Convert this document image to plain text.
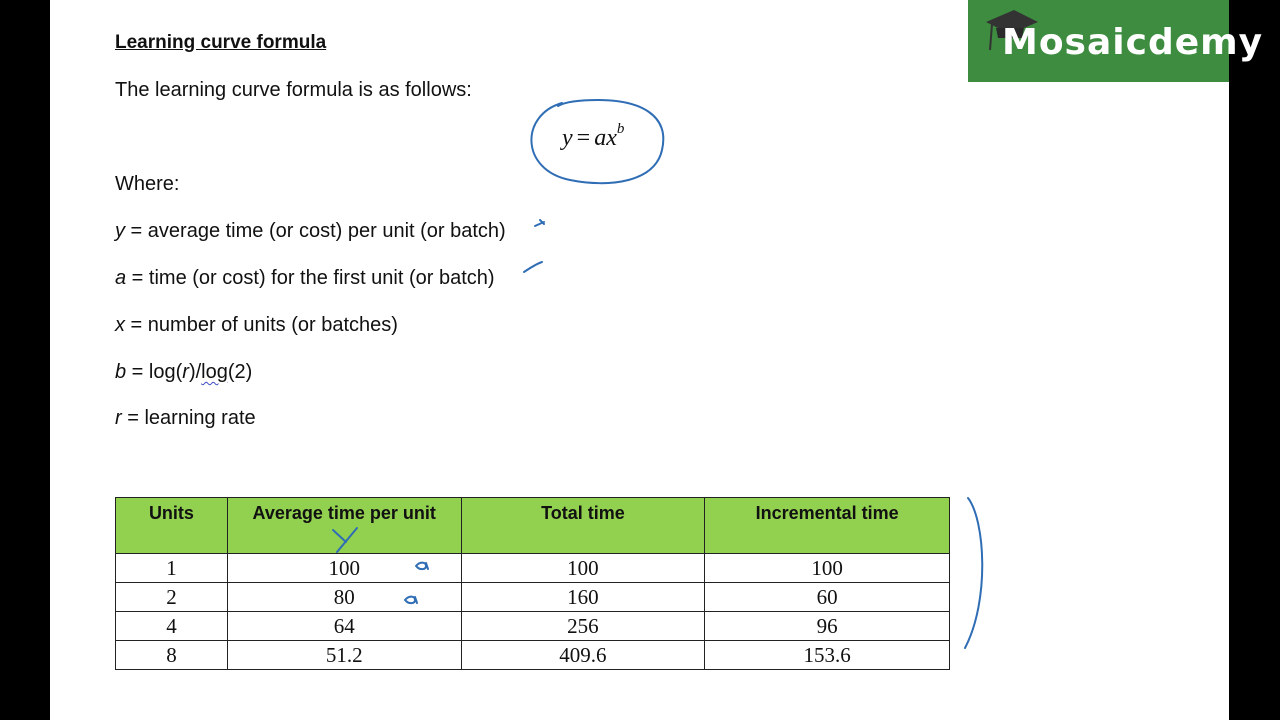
Learning curve formula
The learning curve formula is as follows:
$y = ax^b$
Where:
y = average time (or cost) per unit (or batch)
a = time (or cost) for the first unit (or batch)
x = number of units (or batches)
b = log(r)/log(2)
r = learning rate
Units	Average time per unit	Total time	Incremental time
1	100	100	100
2	80	160	60
4	64	256	96
8	51.2	409.6	153.6
Mosaicdemy
